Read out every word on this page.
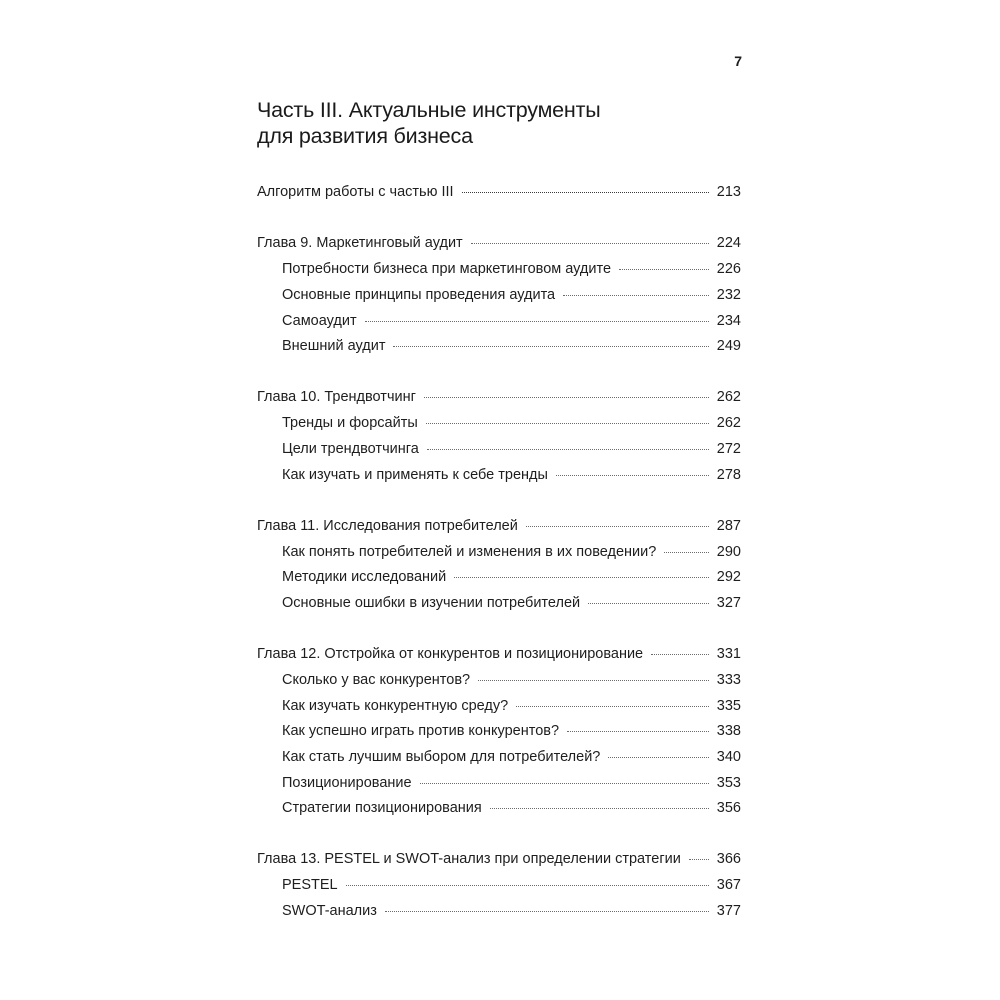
7
Часть III. Актуальные инструменты
для развития бизнеса
Алгоритм работы с частью III	213
Глава 9. Маркетинговый аудит	224
Потребности бизнеса при маркетинговом аудите	226
Основные принципы проведения аудита	232
Самоаудит	234
Внешний аудит	249
Глава 10. Трендвотчинг	262
Тренды и форсайты	262
Цели трендвотчинга	272
Как изучать и применять к себе тренды	278
Глава 11. Исследования потребителей	287
Как понять потребителей и изменения в их поведении?	290
Методики исследований	292
Основные ошибки в изучении потребителей	327
Глава 12. Отстройка от конкурентов и позиционирование	331
Сколько у вас конкурентов?	333
Как изучать конкурентную среду?	335
Как успешно играть против конкурентов?	338
Как стать лучшим выбором для потребителей?	340
Позиционирование	353
Стратегии позиционирования	356
Глава 13. PESTEL и SWOT-анализ при определении стратегии 366
PESTEL	367
SWOT-анализ	377
